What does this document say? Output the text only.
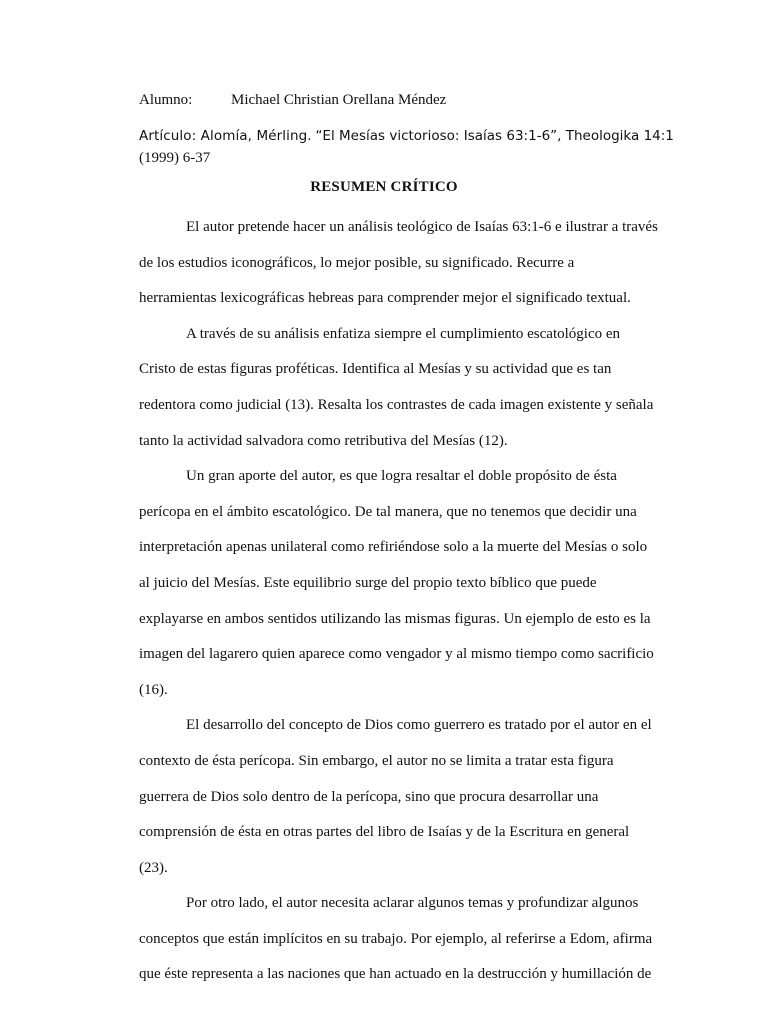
Alumno:	Michael Christian Orellana Méndez
Artículo: Alomía, Mérling. “El Mesías victorioso: Isaías 63:1-6”, Theologika 14:1
(1999) 6-37
RESUMEN CRÍTICO
El autor pretende hacer un análisis teológico de Isaías 63:1-6 e ilustrar a través
de los estudios iconográficos, lo mejor posible, su significado. Recurre a
herramientas lexicográficas hebreas para comprender mejor el significado textual.
A través de su análisis enfatiza siempre el cumplimiento escatológico en
Cristo de estas figuras proféticas. Identifica al Mesías y su actividad que es tan
redentora como judicial (13). Resalta los contrastes de cada imagen existente y señala
tanto la actividad salvadora como retributiva del Mesías (12).
Un gran aporte del autor, es que logra resaltar el doble propósito de ésta
perícopa en el ámbito escatológico. De tal manera, que no tenemos que decidir una
interpretación apenas unilateral como refiriéndose solo a la muerte del Mesías o solo
al juicio del Mesías. Este equilibrio surge del propio texto bíblico que puede
explayarse en ambos sentidos utilizando las mismas figuras. Un ejemplo de esto es la
imagen del lagarero quien aparece como vengador y al mismo tiempo como sacrificio
(16).
El desarrollo del concepto de Dios como guerrero es tratado por el autor en el
contexto de ésta perícopa. Sin embargo, el autor no se limita a tratar esta figura
guerrera de Dios solo dentro de la perícopa, sino que procura desarrollar una
comprensión de ésta en otras partes del libro de Isaías y de la Escritura en general
(23).
Por otro lado, el autor necesita aclarar algunos temas y profundizar algunos
conceptos que están implícitos en su trabajo. Por ejemplo, al referirse a Edom, afirma
que éste representa a las naciones que han actuado en la destrucción y humillación de
